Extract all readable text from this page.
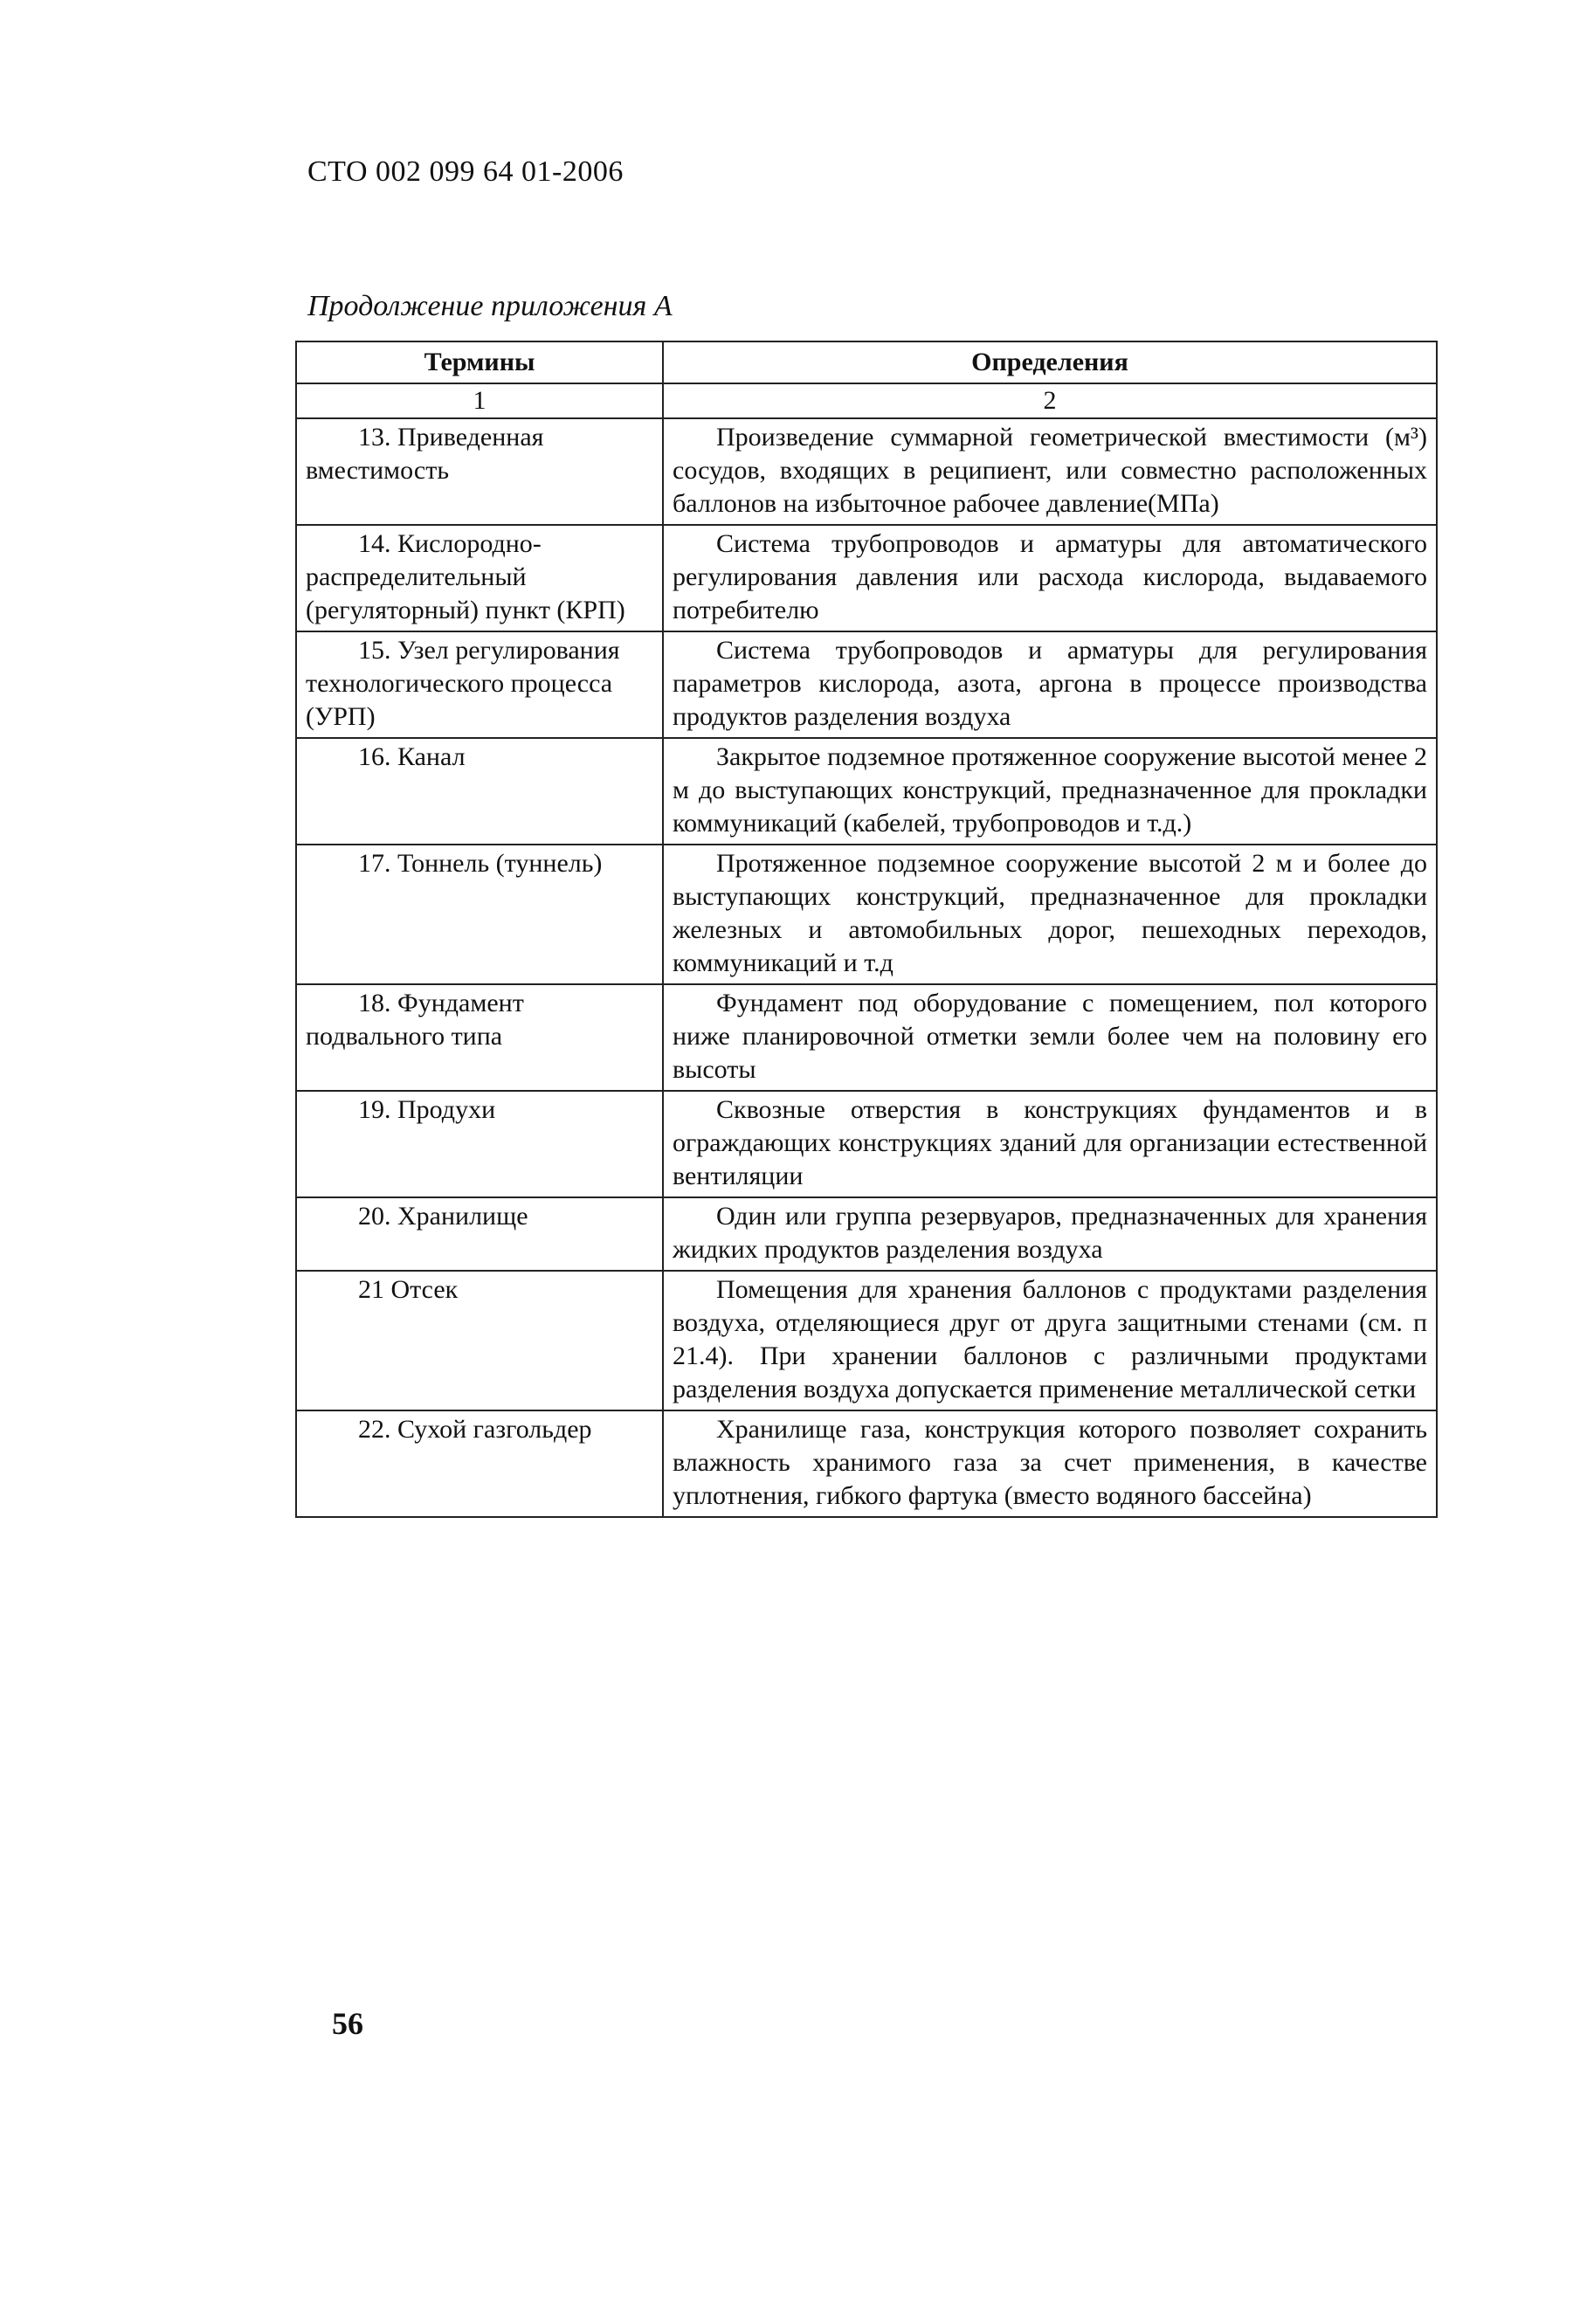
СТО 002 099 64 01-2006
Продолжение приложения А
Термины	Определения
1	2
13. Приведенная вместимость	Произведение суммарной геометрической вместимости (м³) сосудов, входящих в реципиент, или совместно расположенных баллонов на избыточное рабочее давление(МПа)
14. Кислородно-распределительный (регуляторный) пункт (КРП)	Система трубопроводов и арматуры для автоматического регулирования давления или расхода кислорода, выдаваемого потребителю
15. Узел регулирования технологического процесса (УРП)	Система трубопроводов и арматуры для регулирования параметров кислорода, азота, аргона в процессе производства продуктов разделения воздуха
16. Канал	Закрытое подземное протяженное сооружение высотой менее 2 м до выступающих конструкций, предназначенное для прокладки коммуникаций (кабелей, трубопроводов и т.д.)
17. Тоннель (туннель)	Протяженное подземное сооружение высотой 2 м и более до выступающих конструкций, предназначенное для прокладки железных и автомобильных дорог, пешеходных переходов, коммуникаций и т.д
18. Фундамент подвального типа	Фундамент под оборудование с помещением, пол которого ниже планировочной отметки земли более чем на половину его высоты
19. Продухи	Сквозные отверстия в конструкциях фундаментов и в ограждающих конструкциях зданий для организации естественной вентиляции
20. Хранилище	Один или группа резервуаров, предназначенных для хранения жидких продуктов разделения воздуха
21 Отсек	Помещения для хранения баллонов с продуктами разделения воздуха, отделяющиеся друг от друга защитными стенами (см. п 21.4). При хранении баллонов с различными продуктами разделения воздуха допускается применение металлической сетки
22. Сухой газгольдер	Хранилище газа, конструкция которого позволяет сохранить влажность хранимого газа за счет применения, в качестве уплотнения, гибкого фартука (вместо водяного бассейна)
56
